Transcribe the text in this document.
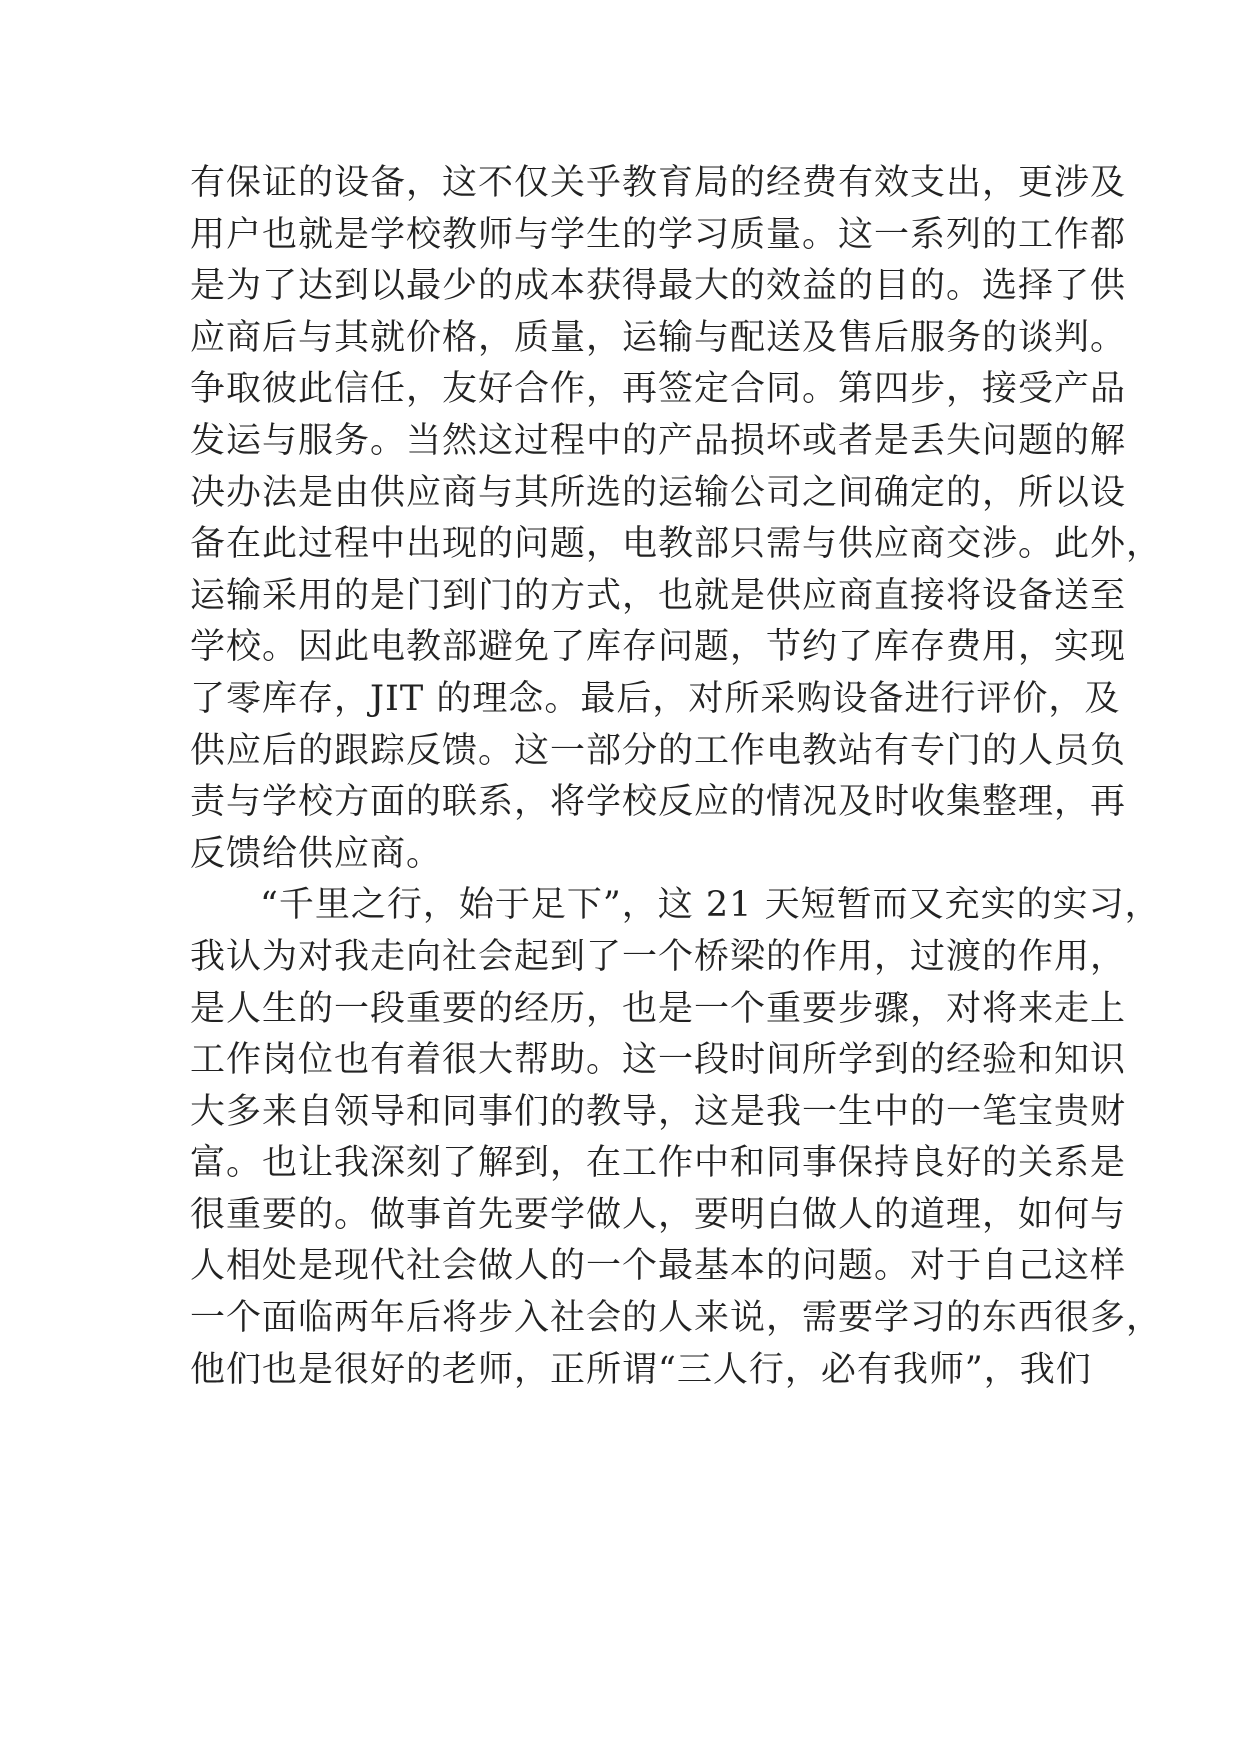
有保证的设备，这不仅关乎教育局的经费有效支出，更涉及
用户也就是学校教师与学生的学习质量。这一系列的工作都
是为了达到以最少的成本获得最大的效益的目的。选择了供
应商后与其就价格，质量，运输与配送及售后服务的谈判。
争取彼此信任，友好合作，再签定合同。第四步，接受产品
发运与服务。当然这过程中的产品损坏或者是丢失问题的解
决办法是由供应商与其所选的运输公司之间确定的，所以设
备在此过程中出现的问题，电教部只需与供应商交涉。此外，
运输采用的是门到门的方式，也就是供应商直接将设备送至
学校。因此电教部避免了库存问题，节约了库存费用，实现
了零库存，JIT 的理念。最后，对所采购设备进行评价，及
供应后的跟踪反馈。这一部分的工作电教站有专门的人员负
责与学校方面的联系，将学校反应的情况及时收集整理，再
反馈给供应商。
“千里之行，始于足下”，这 21 天短暂而又充实的实习，
我认为对我走向社会起到了一个桥梁的作用，过渡的作用，
是人生的一段重要的经历，也是一个重要步骤，对将来走上
工作岗位也有着很大帮助。这一段时间所学到的经验和知识
大多来自领导和同事们的教导，这是我一生中的一笔宝贵财
富。也让我深刻了解到，在工作中和同事保持良好的关系是
很重要的。做事首先要学做人，要明白做人的道理，如何与
人相处是现代社会做人的一个最基本的问题。对于自己这样
一个面临两年后将步入社会的人来说，需要学习的东西很多，
他们也是很好的老师，正所谓“三人行，必有我师”，我们
